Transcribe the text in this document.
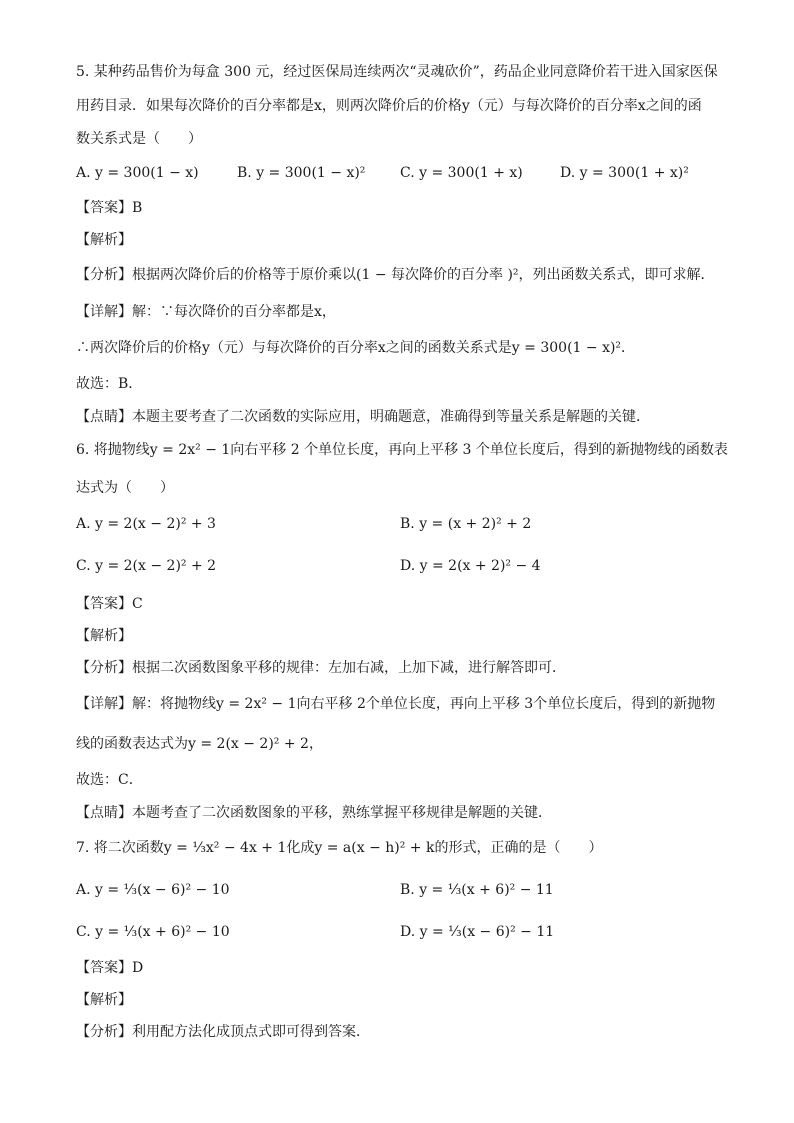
5. 某种药品售价为每盒 300 元，经过医保局连续两次“灵魂砍价”，药品企业同意降价若干进入国家医保
用药目录．如果每次降价的百分率都是x，则两次降价后的价格y（元）与每次降价的百分率x之间的函
数关系式是（　　）
A. y = 300(1 − x)	B. y = 300(1 − x)² C. y = 300(1 + x)	D. y = 300(1 + x)²
【答案】B
【解析】
【分析】根据两次降价后的价格等于原价乘以(1 − 每次降价的百分率 )²，列出函数关系式，即可求解．
【详解】解：∵每次降价的百分率都是x，
∴两次降价后的价格y（元）与每次降价的百分率x之间的函数关系式是y = 300(1 − x)²．
故选：B．
【点睛】本题主要考查了二次函数的实际应用，明确题意，准确得到等量关系是解题的关键．
6. 将抛物线y = 2x² − 1向右平移 2 个单位长度，再向上平移 3 个单位长度后，得到的新抛物线的函数表
达式为（　　）
A. y = 2(x − 2)² + 3	B. y = (x + 2)² + 2
C. y = 2(x − 2)² + 2	D. y = 2(x + 2)² − 4
【答案】C
【解析】
【分析】根据二次函数图象平移的规律：左加右减，上加下减，进行解答即可．
【详解】解：将抛物线y = 2x² − 1向右平移 2个单位长度，再向上平移 3个单位长度后，得到的新抛物
线的函数表达式为y = 2(x − 2)² + 2，
故选：C．
【点睛】本题考查了二次函数图象的平移，熟练掌握平移规律是解题的关键．
7. 将二次函数y = ⅓x² − 4x + 1化成y = a(x − h)² + k的形式，正确的是（　　）
A. y = ⅓(x − 6)² − 10	B. y = ⅓(x + 6)² − 11
C. y = ⅓(x + 6)² − 10	D. y = ⅓(x − 6)² − 11
【答案】D
【解析】
【分析】利用配方法化成顶点式即可得到答案．
